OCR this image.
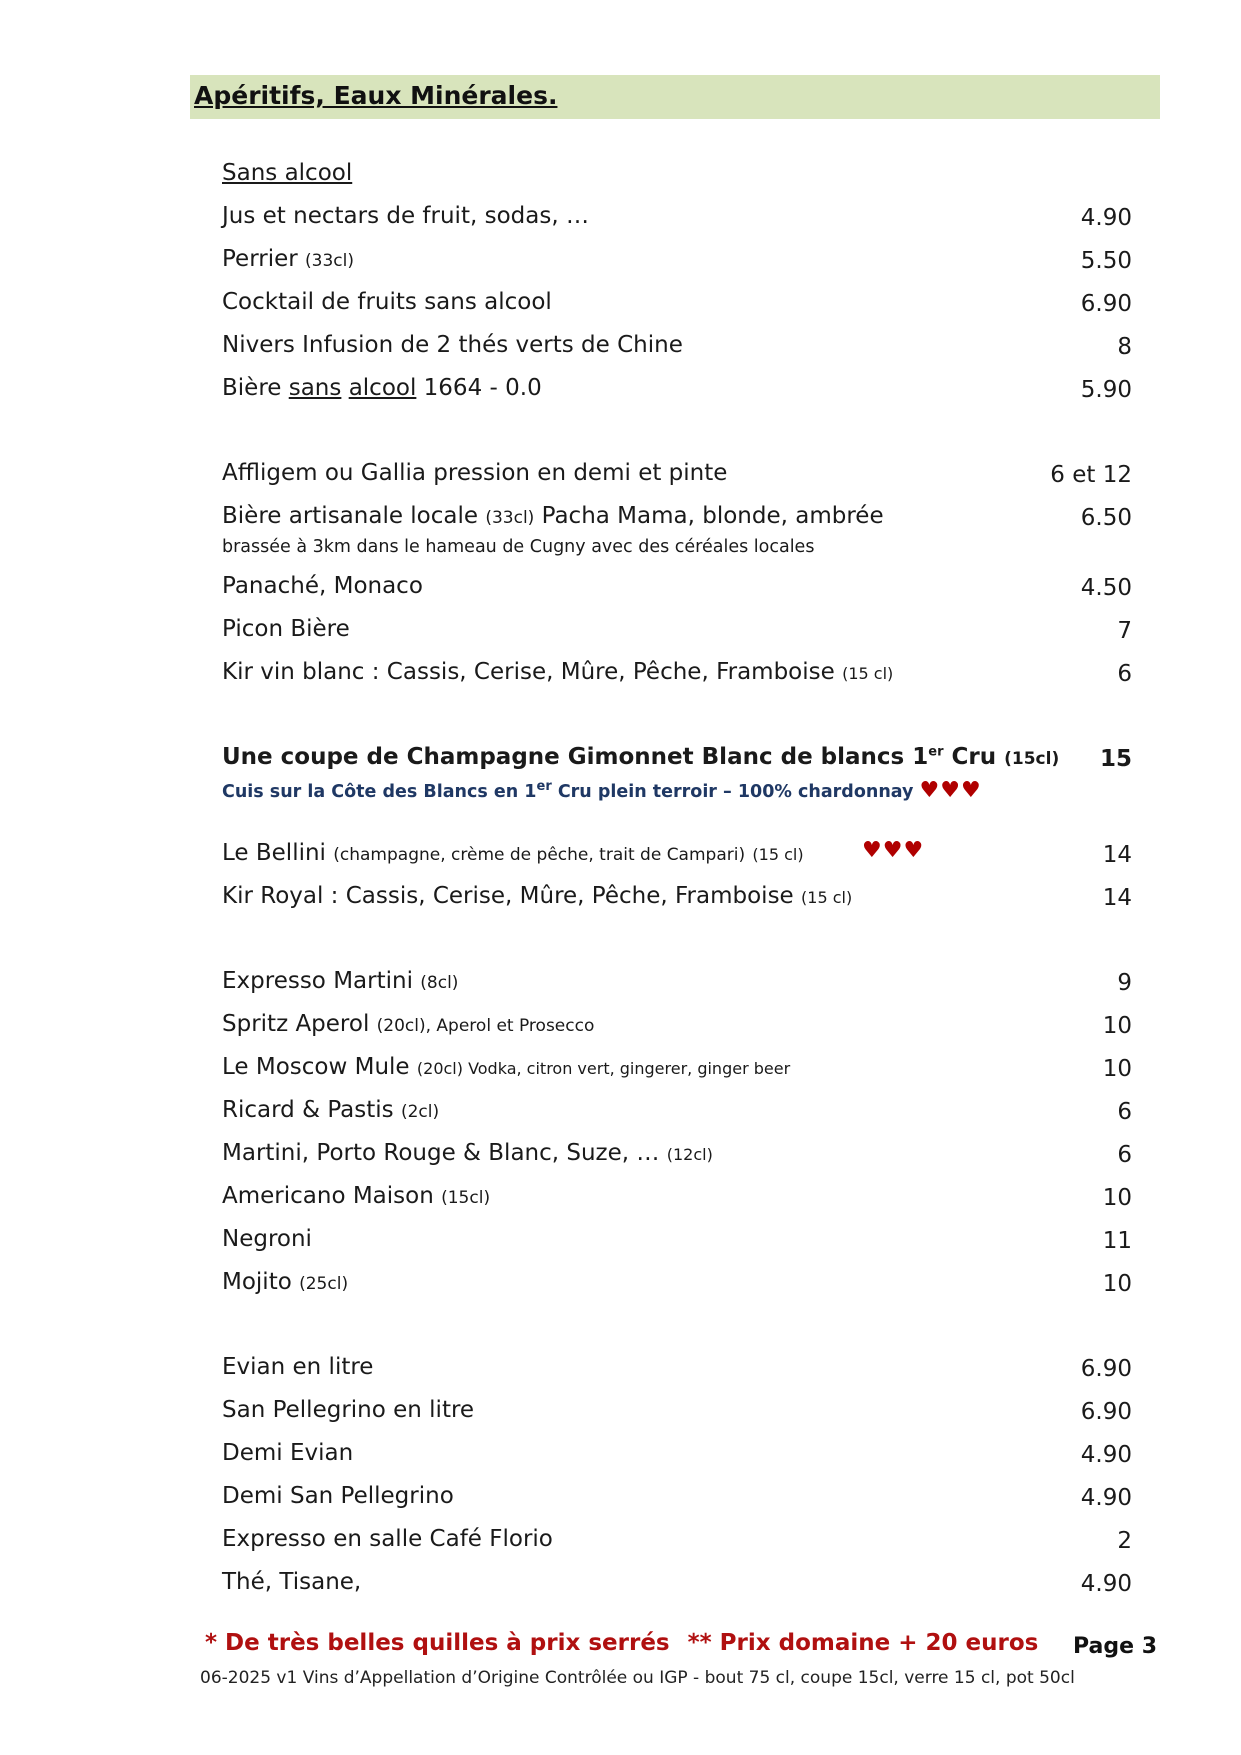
Apéritifs, Eaux Minérales.
Sans alcool
Jus et nectars de fruit, sodas, …	4.90
Perrier (33cl)	5.50
Cocktail de fruits sans alcool	6.90
Nivers Infusion de 2 thés verts de Chine	8
Bière sans alcool 1664 - 0.0	5.90
Affligem ou Gallia pression en demi et pinte	6 et 12
Bière artisanale locale (33cl) Pacha Mama, blonde, ambrée	6.50
brassée à 3km dans le hameau de Cugny avec des céréales locales
Panaché, Monaco	4.50
Picon Bière	7
Kir vin blanc : Cassis, Cerise, Mûre, Pêche, Framboise (15 cl)	6
Une coupe de Champagne Gimonnet Blanc de blancs 1er Cru (15cl) 15
Cuis sur la Côte des Blancs en 1er Cru plein terroir – 100% chardonnay ♥♥♥
Le Bellini (champagne, crème de pêche, trait de Campari) (15 cl)	♥♥♥	14
Kir Royal : Cassis, Cerise, Mûre, Pêche, Framboise (15 cl)	14
Expresso Martini (8cl)	9
Spritz Aperol (20cl), Aperol et Prosecco	10
Le Moscow Mule (20cl) Vodka, citron vert, gingerer, ginger beer	10
Ricard & Pastis (2cl)	6
Martini, Porto Rouge & Blanc, Suze, … (12cl)	6
Americano Maison (15cl)	10
Negroni	11
Mojito (25cl)	10
Evian en litre	6.90
San Pellegrino en litre	6.90
Demi Evian	4.90
Demi San Pellegrino	4.90
Expresso en salle Café Florio	2
Thé, Tisane,	4.90
* De très belles quilles à prix serrés ** Prix domaine + 20 euros Page 3
06-2025 v1 Vins d’Appellation d’Origine Contrôlée ou IGP - bout 75 cl, coupe 15cl, verre 15 cl, pot 50cl
